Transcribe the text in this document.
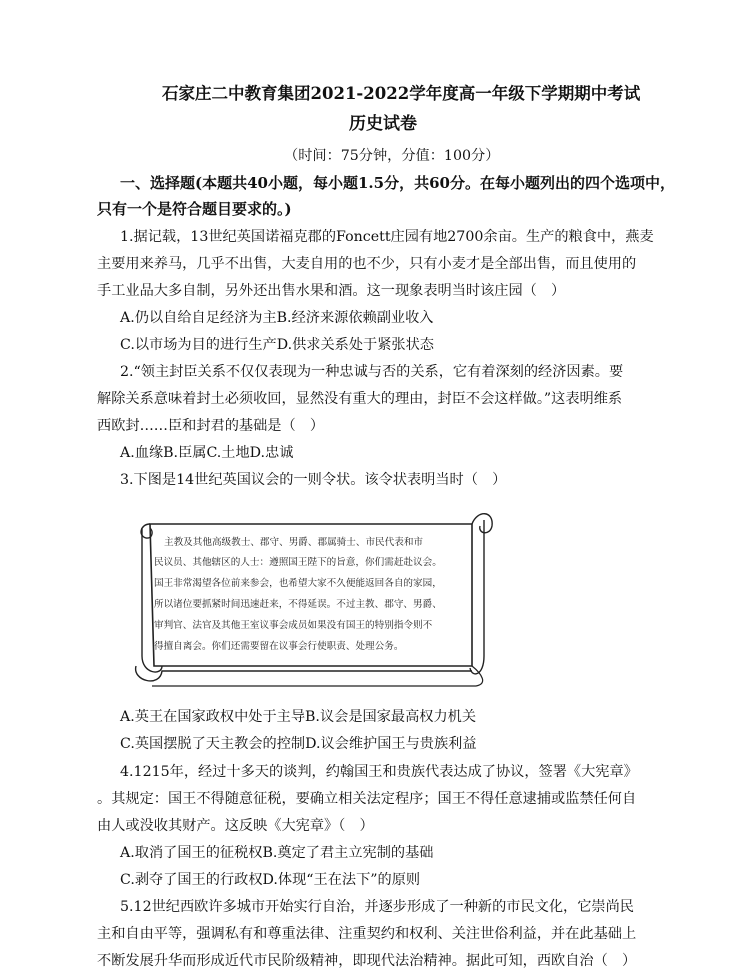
石家庄二中教育集团2021-2022学年度高一年级下学期期中考试
历史试卷
（时间：75分钟，分值：100分）
一、选择题(本题共40小题，每小题1.5分，共60分。在每小题列出的四个选项中，
只有一个是符合题目要求的。)
1.据记载，13世纪英国诺福克郡的Foncett庄园有地2700余亩。生产的粮食中，燕麦
主要用来养马，几乎不出售，大麦自用的也不少，只有小麦才是全部出售，而且使用的
手工业品大多自制，另外还出售水果和酒。这一现象表明当时该庄园（　）
A.仍以自给自足经济为主B.经济来源依赖副业收入
C.以市场为目的进行生产D.供求关系处于紧张状态
2.“领主封臣关系不仅仅表现为一种忠诚与否的关系，它有着深刻的经济因素。要
解除关系意味着封土必须收回，显然没有重大的理由，封臣不会这样做。”这表明维系
西欧封……臣和封君的基础是（　）
A.血缘B.臣属C.土地D.忠诚
3.下图是14世纪英国议会的一则令状。该令状表明当时（　）
主教及其他高级教士、郡守、男爵、郡属骑士、市民代表和市
民议员、其他辖区的人士：遵照国王陛下的旨意，你们需赶赴议会。
国王非常渴望各位前来参会，也希望大家不久便能返回各自的家园，
所以诸位要抓紧时间迅速赶来，不得延误。不过主教、郡守、男爵、
审判官、法官及其他王室议事会成员如果没有国王的特别指令则不
得擅自离会。你们还需要留在议事会行使职责、处理公务。
A.英王在国家政权中处于主导B.议会是国家最高权力机关
C.英国摆脱了天主教会的控制D.议会维护国王与贵族利益
4.1215年，经过十多天的谈判，约翰国王和贵族代表达成了协议，签署《大宪章》
。其规定：国王不得随意征税，要确立相关法定程序；国王不得任意逮捕或监禁任何自
由人或没收其财产。这反映《大宪章》（　）
A.取消了国王的征税权B.奠定了君主立宪制的基础
C.剥夺了国王的行政权D.体现“王在法下”的原则
5.12世纪西欧许多城市开始实行自治，并逐步形成了一种新的市民文化，它崇尚民
主和自由平等，强调私有和尊重法律、注重契约和权利、关注世俗利益，并在此基础上
不断发展升华而形成近代市民阶级精神，即现代法治精神。据此可知，西欧自治（　）
